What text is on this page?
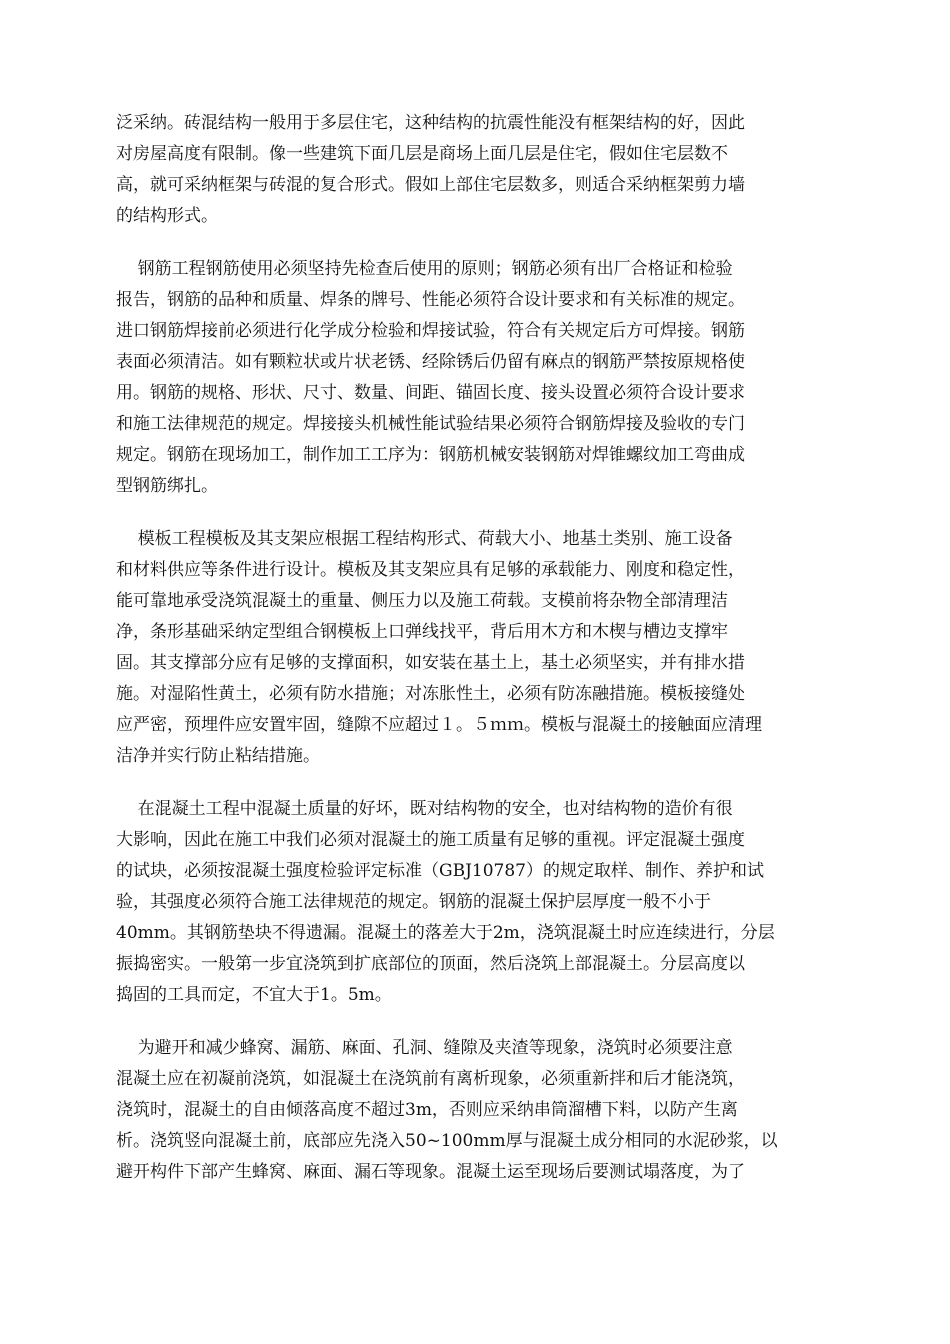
泛采纳。砖混结构一般用于多层住宅，这种结构的抗震性能没有框架结构的好，因此
对房屋高度有限制。像一些建筑下面几层是商场上面几层是住宅，假如住宅层数不
高，就可采纳框架与砖混的复合形式。假如上部住宅层数多，则适合采纳框架剪力墙
的结构形式。

钢筋工程钢筋使用必须坚持先检查后使用的原则；钢筋必须有出厂合格证和检验
报告，钢筋的品种和质量、焊条的牌号、性能必须符合设计要求和有关标准的规定。
进口钢筋焊接前必须进行化学成分检验和焊接试验，符合有关规定后方可焊接。钢筋
表面必须清洁。如有颗粒状或片状老锈、经除锈后仍留有麻点的钢筋严禁按原规格使
用。钢筋的规格、形状、尺寸、数量、间距、锚固长度、接头设置必须符合设计要求
和施工法律规范的规定。焊接接头机械性能试验结果必须符合钢筋焊接及验收的专门
规定。钢筋在现场加工，制作加工工序为：钢筋机械安装钢筋对焊锥螺纹加工弯曲成
型钢筋绑扎。

模板工程模板及其支架应根据工程结构形式、荷载大小、地基土类别、施工设备
和材料供应等条件进行设计。模板及其支架应具有足够的承载能力、刚度和稳定性，
能可靠地承受浇筑混凝土的重量、侧压力以及施工荷载。支模前将杂物全部清理洁
净，条形基础采纳定型组合钢模板上口弹线找平，背后用木方和木楔与槽边支撑牢
固。其支撑部分应有足够的支撑面积，如安装在基土上，基土必须坚实，并有排水措
施。对湿陷性黄土，必须有防水措施；对冻胀性土，必须有防冻融措施。模板接缝处
应严密，预埋件应安置牢固，缝隙不应超过１。５ｍｍ。模板与混凝土的接触面应清理
洁净并实行防止粘结措施。

在混凝土工程中混凝土质量的好坏，既对结构物的安全，也对结构物的造价有很
大影响，因此在施工中我们必须对混凝土的施工质量有足够的重视。评定混凝土强度
的试块，必须按混凝土强度检验评定标准（GBJ10787）的规定取样、制作、养护和试
验，其强度必须符合施工法律规范的规定。钢筋的混凝土保护层厚度一般不小于
40mm。其钢筋垫块不得遗漏。混凝土的落差大于2m，浇筑混凝土时应连续进行，分层
振捣密实。一般第一步宜浇筑到扩底部位的顶面，然后浇筑上部混凝土。分层高度以
捣固的工具而定，不宜大于1。5m。

为避开和减少蜂窝、漏筋、麻面、孔洞、缝隙及夹渣等现象，浇筑时必须要注意
混凝土应在初凝前浇筑，如混凝土在浇筑前有离析现象，必须重新拌和后才能浇筑，
浇筑时，混凝土的自由倾落高度不超过3m，否则应采纳串筒溜槽下料，以防产生离
析。浇筑竖向混凝土前，底部应先浇入50~100mm厚与混凝土成分相同的水泥砂浆，以
避开构件下部产生蜂窝、麻面、漏石等现象。混凝土运至现场后要测试塌落度，为了
